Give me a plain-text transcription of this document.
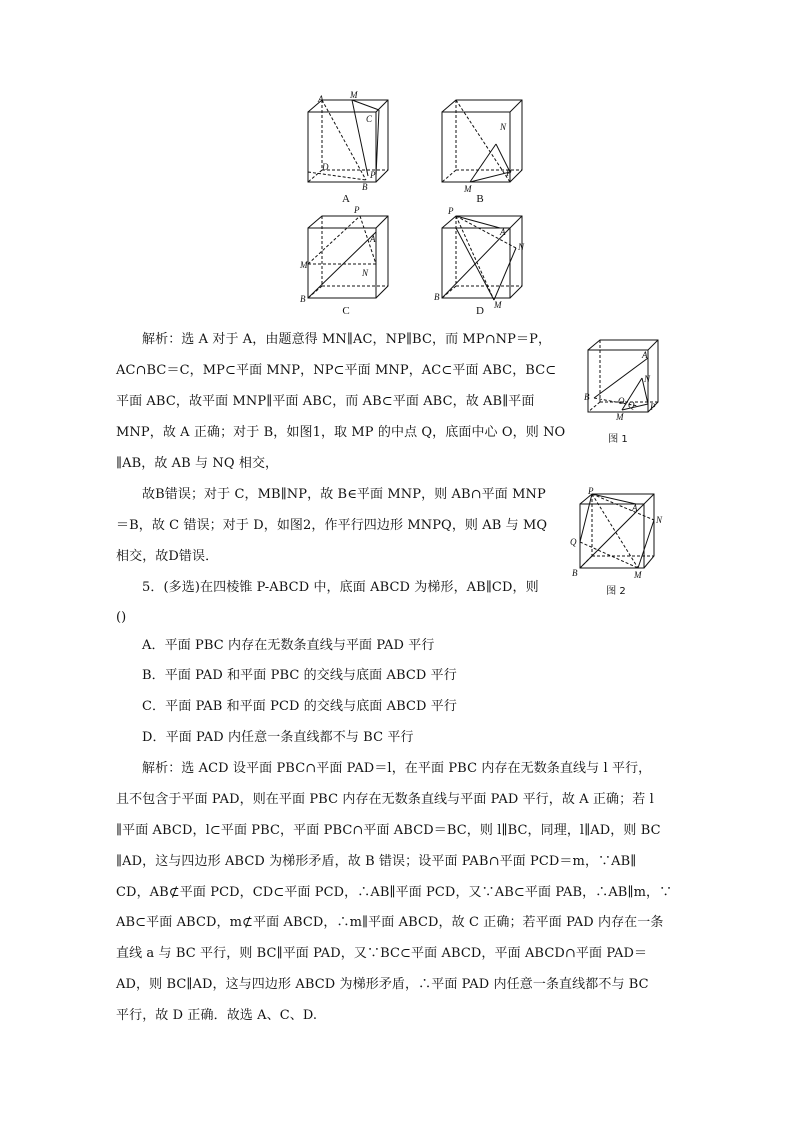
A	M
C
D
B
P
A
N
P
M
B
P
A
M
N
B
C
P
A
N
B
M
D
A
N
B	O Q
M
P
图 1
P
A
N
Q
B	M
图 2
解析：选 A 对于 A，由题意得 MN∥AC，NP∥BC，而 MP∩NP＝P，
AC∩BC＝C，MP⊂平面 MNP，NP⊂平面 MNP，AC⊂平面 ABC，BC⊂
平面 ABC，故平面 MNP∥平面 ABC，而 AB⊂平面 ABC，故 AB∥平面
MNP，故 A 正确；对于 B，如图1，取 MP 的中点 Q，底面中心 O，则 NO
∥AB，故 AB 与 NQ 相交，
故B错误；对于 C，MB∥NP，故 B∈平面 MNP，则 AB∩平面 MNP
＝B，故 C 错误；对于 D，如图2，作平行四边形 MNPQ，则 AB 与 MQ
相交，故D错误．
5．(多选)在四棱锥 P-ABCD 中，底面 ABCD 为梯形，AB∥CD，则
()
A．平面 PBC 内存在无数条直线与平面 PAD 平行
B．平面 PAD 和平面 PBC 的交线与底面 ABCD 平行
C．平面 PAB 和平面 PCD 的交线与底面 ABCD 平行
D．平面 PAD 内任意一条直线都不与 BC 平行
解析：选 ACD 设平面 PBC∩平面 PAD＝l，在平面 PBC 内存在无数条直线与 l 平行，
且不包含于平面 PAD，则在平面 PBC 内存在无数条直线与平面 PAD 平行，故 A 正确；若 l
∥平面 ABCD，l⊂平面 PBC，平面 PBC∩平面 ABCD＝BC，则 l∥BC，同理，l∥AD，则 BC
∥AD，这与四边形 ABCD 为梯形矛盾，故 B 错误；设平面 PAB∩平面 PCD＝m，∵AB∥
CD，AB⊄平面 PCD，CD⊂平面 PCD，∴AB∥平面 PCD，又∵AB⊂平面 PAB，∴AB∥m，∵
AB⊂平面 ABCD，m⊄平面 ABCD，∴m∥平面 ABCD，故 C 正确；若平面 PAD 内存在一条
直线 a 与 BC 平行，则 BC∥平面 PAD，又∵BC⊂平面 ABCD，平面 ABCD∩平面 PAD＝
AD，则 BC∥AD，这与四边形 ABCD 为梯形矛盾，∴平面 PAD 内任意一条直线都不与 BC
平行，故 D 正确．故选 A、C、D.
